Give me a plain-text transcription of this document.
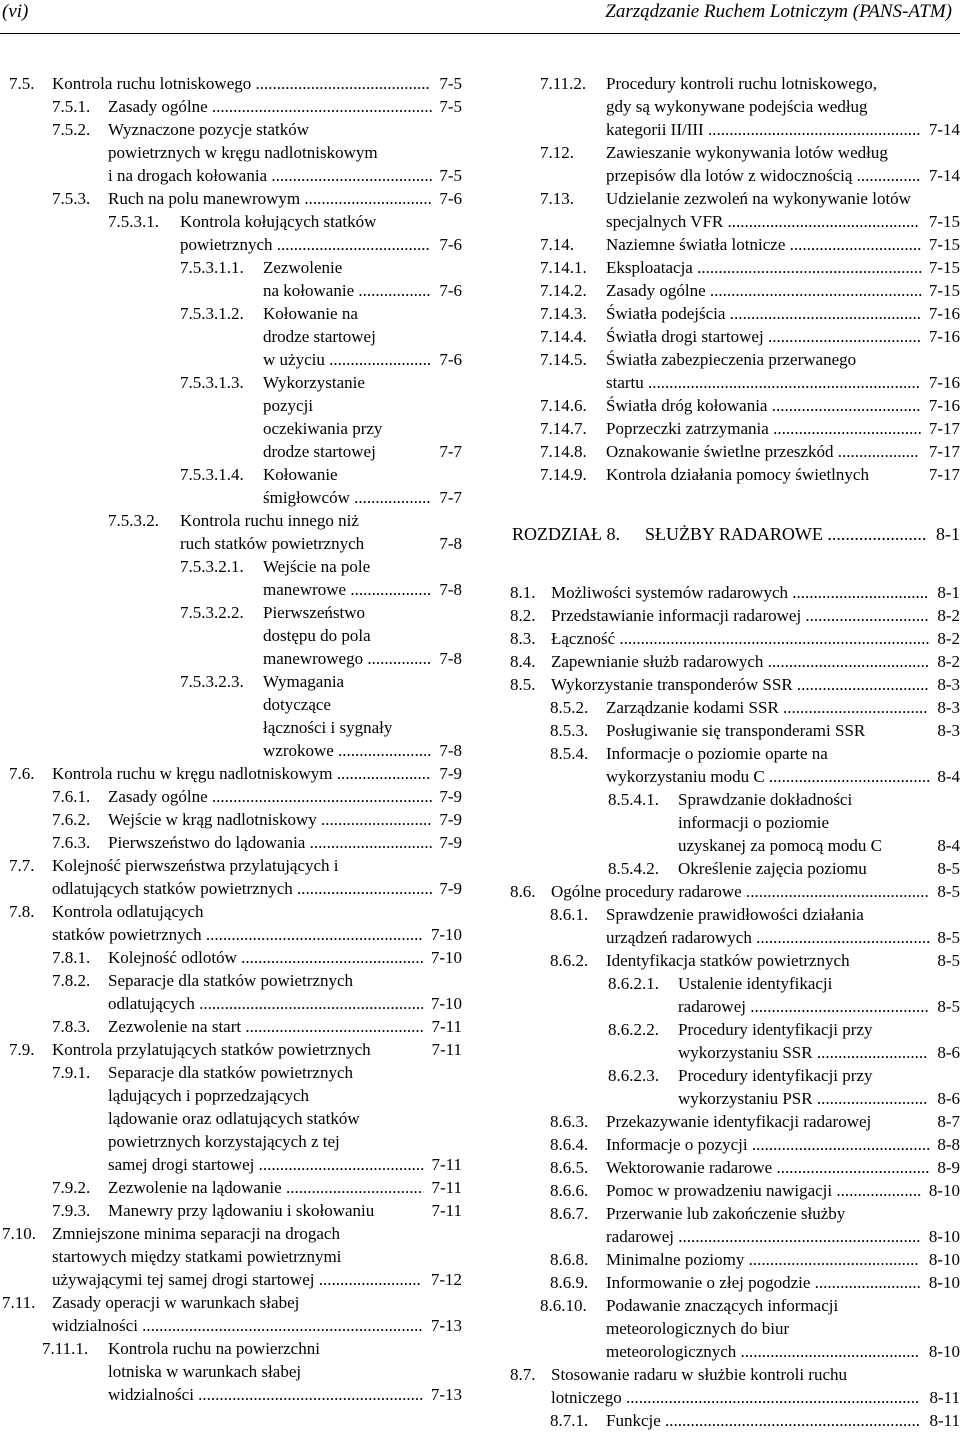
(vi)	Zarządzanie Ruchem Lotniczym (PANS-ATM)
7.5. Kontrola ruchu lotniskowego ......................................... 7-5
7.5.1. Zasady ogólne .................................................... 7-5
7.5.2. Wyznaczone pozycje statków
powietrznych w kręgu nadlotniskowym
i na drogach kołowania ...................................... 7-5
7.5.3. Ruch na polu manewrowym .............................. 7-6
7.5.3.1. Kontrola kołujących statków
powietrznych .................................... 7-6
7.5.3.1.1. Zezwolenie
na kołowanie ................. 7-6
7.5.3.1.2. Kołowanie na
drodze startowej
w użyciu ........................ 7-6
7.5.3.1.3. Wykorzystanie
pozycji
oczekiwania przy
drodze startowej	7-7
7.5.3.1.4. Kołowanie
śmigłowców .................. 7-7
7.5.3.2. Kontrola ruchu innego niż
ruch statków powietrznych	7-8
7.5.3.2.1. Wejście na pole
manewrowe ................... 7-8
7.5.3.2.2. Pierwszeństwo
dostępu do pola
manewrowego ............... 7-8
7.5.3.2.3. Wymagania
dotyczące
łączności i sygnały
wzrokowe ...................... 7-8
7.6. Kontrola ruchu w kręgu nadlotniskowym ...................... 7-9
7.6.1. Zasady ogólne .................................................... 7-9
7.6.2. Wejście w krąg nadlotniskowy .......................... 7-9
7.6.3. Pierwszeństwo do lądowania ............................. 7-9
7.7. Kolejność pierwszeństwa przylatujących i
odlatujących statków powietrznych ................................ 7-9
7.8. Kontrola odlatujących
statków powietrznych ................................................... 7-10
7.8.1. Kolejność odlotów ........................................... 7-10
7.8.2. Separacje dla statków powietrznych
odlatujących ..................................................... 7-10
7.8.3. Zezwolenie na start .......................................... 7-11
7.9. Kontrola przylatujących statków powietrznych	7-11
7.9.1. Separacje dla statków powietrznych
lądujących i poprzedzających
lądowanie oraz odlatujących statków
powietrznych korzystających z tej
samej drogi startowej ....................................... 7-11
7.9.2. Zezwolenie na lądowanie ................................ 7-11
7.9.3. Manewry przy lądowaniu i skołowaniu	7-11
7.10. Zmniejszone minima separacji na drogach
startowych między statkami powietrznymi
używającymi tej samej drogi startowej ........................ 7-12
7.11. Zasady operacji w warunkach słabej
widzialności .................................................................. 7-13
7.11.1. Kontrola ruchu na powierzchni
lotniska w warunkach słabej
widzialności ..................................................... 7-13
7.11.2. Procedury kontroli ruchu lotniskowego,
gdy są wykonywane podejścia według
kategorii II/III .................................................. 7-14
7.12. Zawieszanie wykonywania lotów według
przepisów dla lotów z widocznością ............... 7-14
7.13. Udzielanie zezwoleń na wykonywanie lotów
specjalnych VFR ............................................. 7-15
7.14. Naziemne światła lotnicze ............................... 7-15
7.14.1. Eksploatacja ..................................................... 7-15
7.14.2. Zasady ogólne .................................................. 7-15
7.14.3. Światła podejścia ............................................. 7-16
7.14.4. Światła drogi startowej .................................... 7-16
7.14.5. Światła zabezpieczenia przerwanego
startu ................................................................ 7-16
7.14.6. Światła dróg kołowania ................................... 7-16
7.14.7. Poprzeczki zatrzymania ................................... 7-17
7.14.8. Oznakowanie świetlne przeszkód ................... 7-17
7.14.9. Kontrola działania pomocy świetlnych	7-17
ROZDZIAŁ 8. SŁUŻBY RADAROWE ...................... 8-1
8.1. Możliwości systemów radarowych ................................ 8-1
8.2. Przedstawianie informacji radarowej ............................. 8-2
8.3. Łączność ......................................................................... 8-2
8.4. Zapewnianie służb radarowych ...................................... 8-2
8.5. Wykorzystanie transponderów SSR ............................... 8-3
8.5.2. Zarządzanie kodami SSR .................................. 8-3
8.5.3. Posługiwanie się transponderami SSR	8-3
8.5.4. Informacje o poziomie oparte na
wykorzystaniu modu C ...................................... 8-4
8.5.4.1. Sprawdzanie dokładności
informacji o poziomie
uzyskanej za pomocą modu C	8-4
8.5.4.2. Określenie zajęcia poziomu	8-5
8.6. Ogólne procedury radarowe ........................................... 8-5
8.6.1. Sprawdzenie prawidłowości działania
urządzeń radarowych ......................................... 8-5
8.6.2. Identyfikacja statków powietrznych	8-5
8.6.2.1. Ustalenie identyfikacji
radarowej .......................................... 8-5
8.6.2.2. Procedury identyfikacji przy
wykorzystaniu SSR .......................... 8-6
8.6.2.3. Procedury identyfikacji przy
wykorzystaniu PSR .......................... 8-6
8.6.3. Przekazywanie identyfikacji radarowej	8-7
8.6.4. Informacje o pozycji .......................................... 8-8
8.6.5. Wektorowanie radarowe .................................... 8-9
8.6.6. Pomoc w prowadzeniu nawigacji .................... 8-10
8.6.7. Przerwanie lub zakończenie służby
radarowej ......................................................... 8-10
8.6.8. Minimalne poziomy ........................................ 8-10
8.6.9. Informowanie o złej pogodzie ......................... 8-10
8.6.10. Podawanie znaczących informacji
meteorologicznych do biur
meteorologicznych .......................................... 8-10
8.7. Stosowanie radaru w służbie kontroli ruchu
lotniczego ..................................................................... 8-11
8.7.1. Funkcje ............................................................ 8-11
